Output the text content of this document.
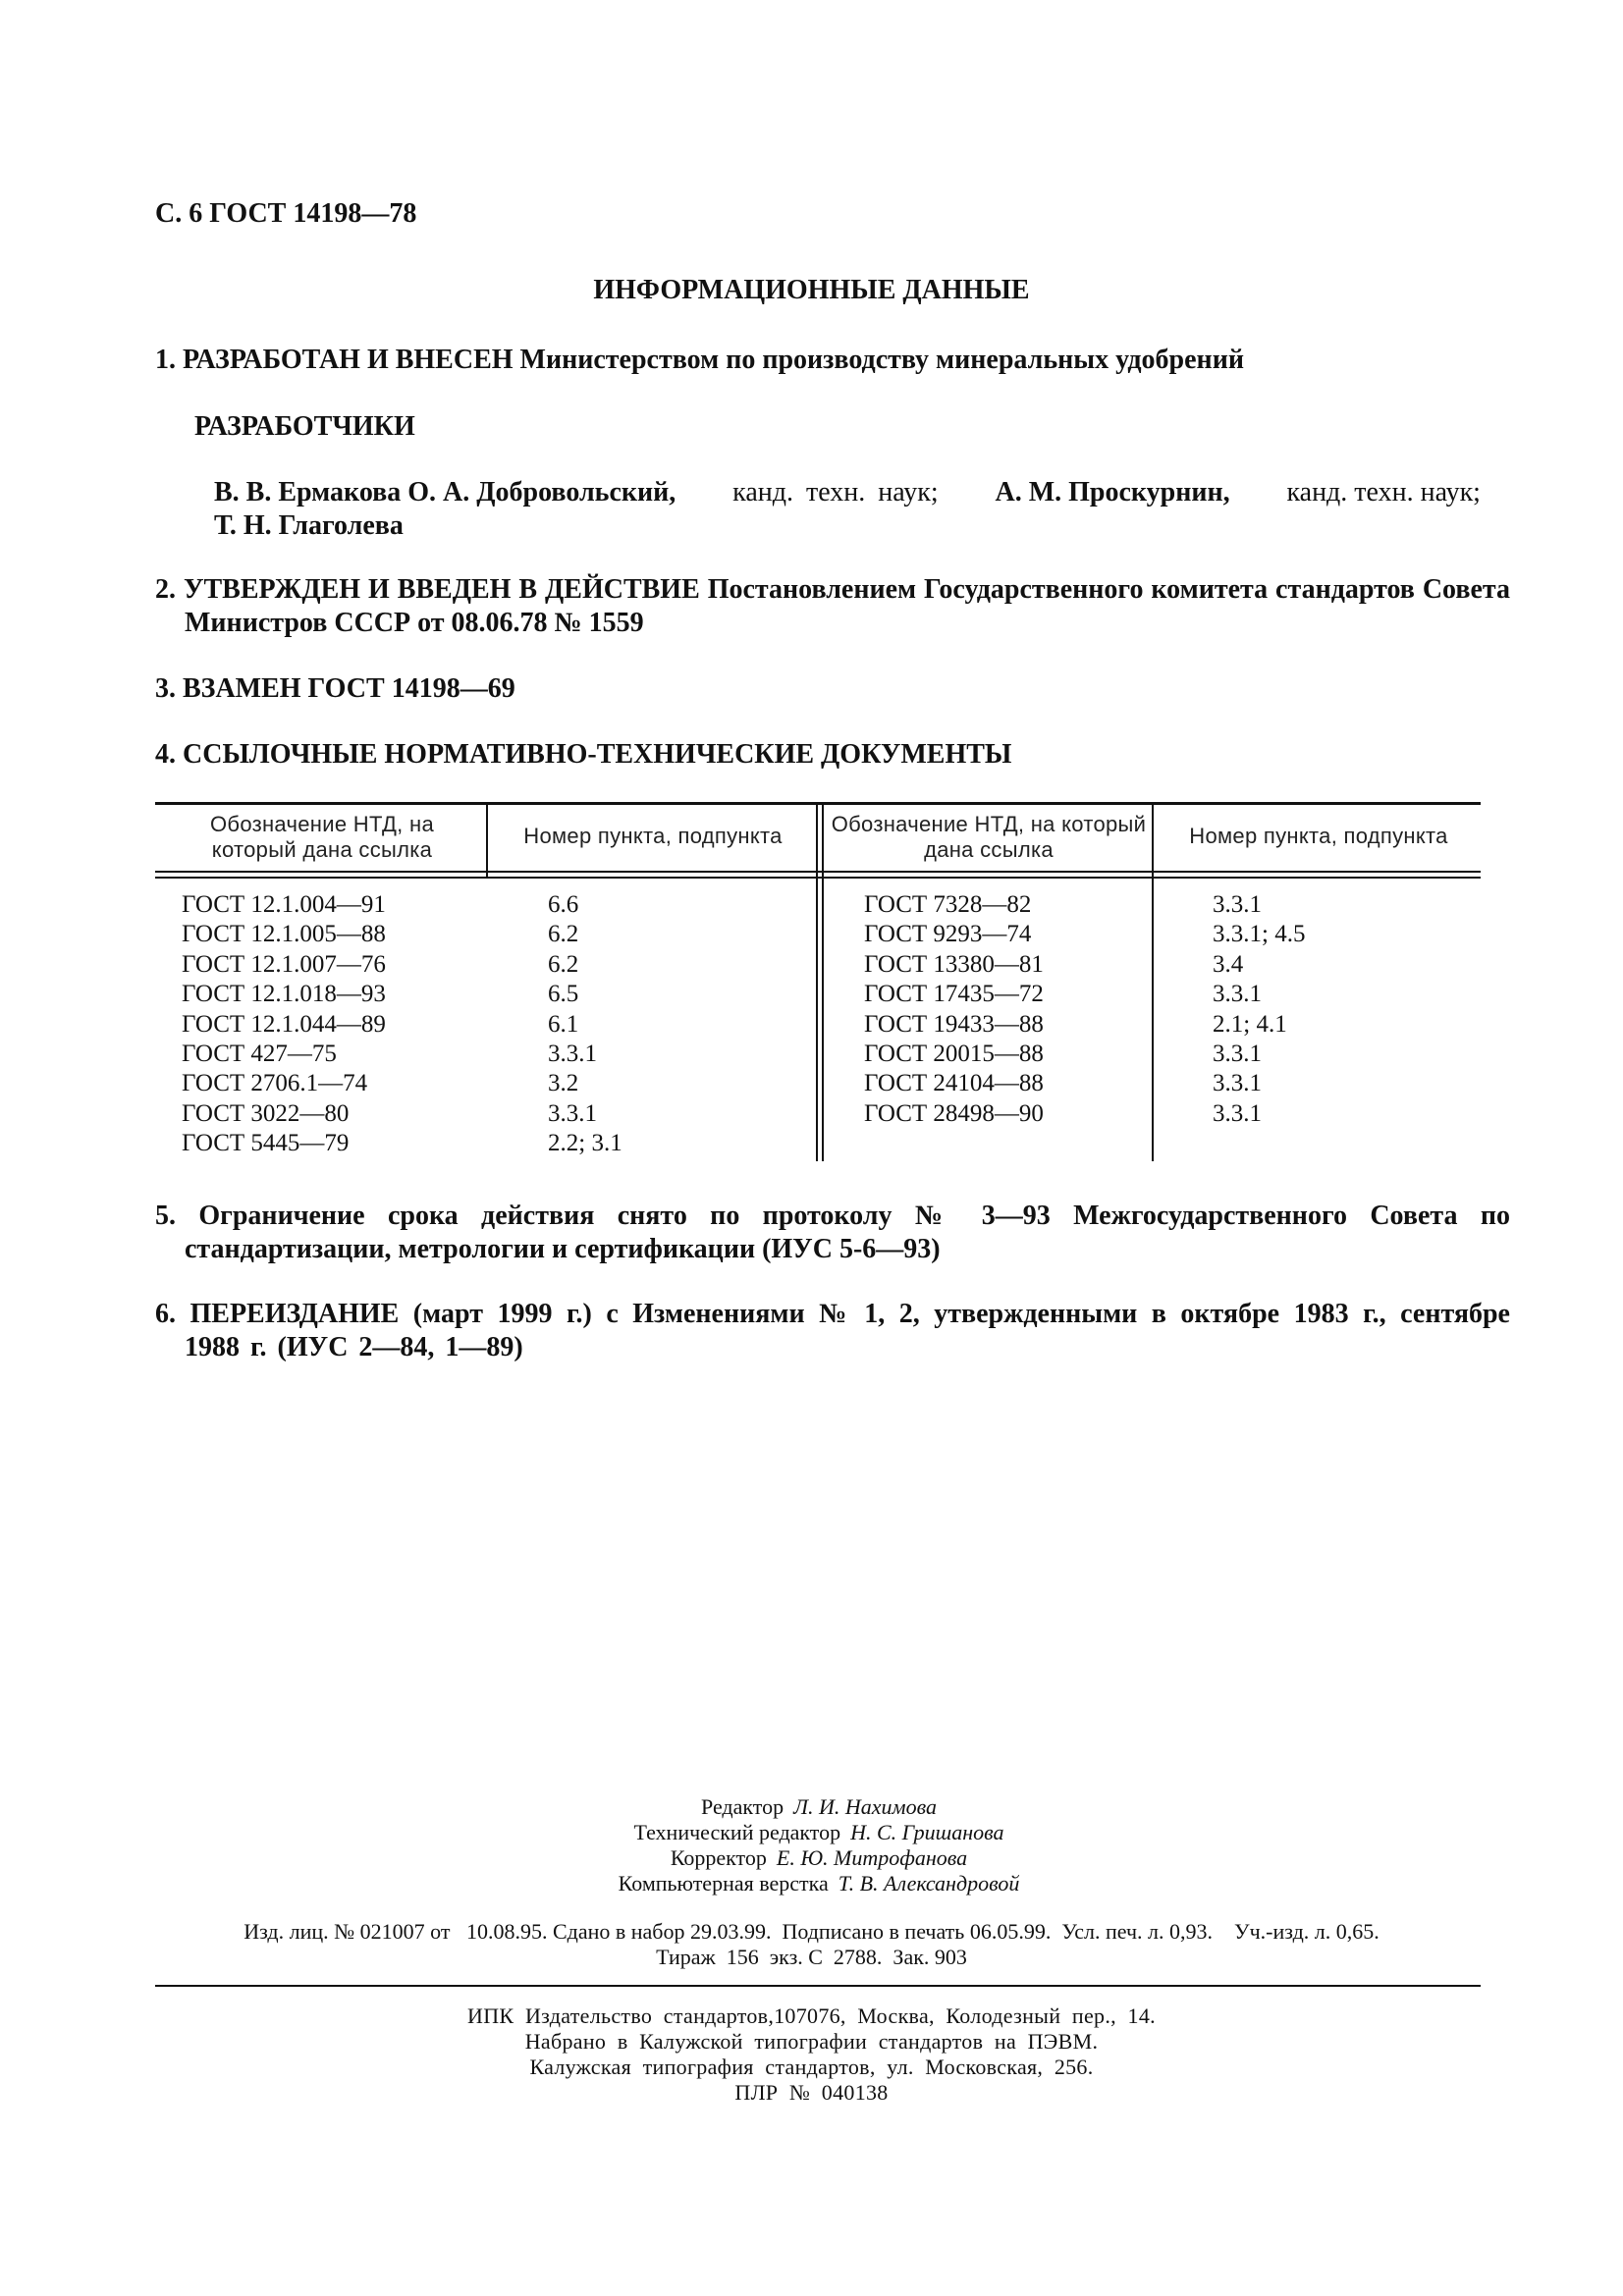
С. 6 ГОСТ 14198—78
ИНФОРМАЦИОННЫЕ ДАННЫЕ
1. РАЗРАБОТАН И ВНЕСЕН Министерством по производству минеральных удобрений
РАЗРАБОТЧИКИ
В. В. Ермакова О. А. Добровольский, канд. техн. наук; А. М. Проскурнин, канд. техн. наук;
Т. Н. Глаголева
2. УТВЕРЖДЕН И ВВЕДЕН В ДЕЙСТВИЕ Постановлением Государственного комитета стандартов Совета Министров СССР от 08.06.78 № 1559
3. ВЗАМЕН ГОСТ 14198—69
4. ССЫЛОЧНЫЕ НОРМАТИВНО-ТЕХНИЧЕСКИЕ ДОКУМЕНТЫ
Обозначение НТД, на который дана ссылка
Номер пункта, подпункта	Обозначение НТД, на который дана ссылка
Номер пункта, подпункта
ГОСТ 12.1.004—91
ГОСТ 12.1.005—88
ГОСТ 12.1.007—76
ГОСТ 12.1.018—93
ГОСТ 12.1.044—89
ГОСТ 427—75
ГОСТ 2706.1—74
ГОСТ 3022—80
ГОСТ 5445—79
6.6
6.2
6.2
6.5
6.1
3.3.1
3.2
3.3.1
2.2; 3.1
ГОСТ 7328—82
ГОСТ 9293—74
ГОСТ 13380—81
ГОСТ 17435—72
ГОСТ 19433—88
ГОСТ 20015—88
ГОСТ 24104—88
ГОСТ 28498—90
3.3.1
3.3.1; 4.5
3.4
3.3.1
2.1; 4.1
3.3.1
3.3.1
3.3.1
5. Ограничение срока действия снято по протоколу № 3—93 Межгосударственного Совета по стандартизации, метрологии и сертификации (ИУС 5-6—93)
6. ПЕРЕИЗДАНИЕ (март 1999 г.) с Изменениями № 1, 2, утвержденными в октябре 1983 г., сентябре 1988 г. (ИУС 2—84, 1—89)
Редактор Л. И. Нахимова
Технический редактор Н. С. Гришанова
Корректор Е. Ю. Митрофанова
Компьютерная верстка Т. В. Александровой
Изд. лиц. № 021007 от   10.08.95. Сдано в набор 29.03.99.  Подписано в печать 06.05.99.  Усл. печ. л. 0,93.    Уч.-изд. л. 0,65.
Тираж  156  экз. С  2788.  Зак. 903
ИПК  Издательство  стандартов,107076,  Москва,  Колодезный  пер.,  14.
Набрано  в  Калужской  типографии  стандартов  на  ПЭВМ.
Калужская  типография  стандартов,  ул.  Московская,  256.
ПЛР  №  040138
